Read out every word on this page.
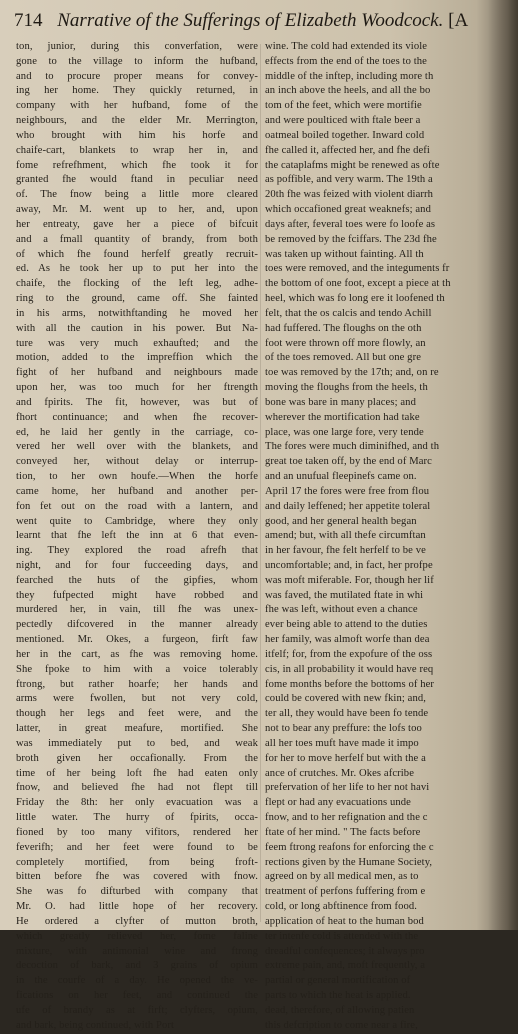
714 Narrative of the Sufferings of Elizabeth Woodcock. [A
ton, junior, during this converfation, were
gone to the village to inform the hufband,
and to procure proper means for convey-
ing her home. They quickly returned, in
company with her hufband, fome of the
neighbours, and the elder Mr. Merrington,
who brought with him his horfe and
chaife-cart, blankets to wrap her in, and
fome refrefhment, which fhe took it for
granted fhe would ftand in peculiar need
of. The fnow being a little more cleared
away, Mr. M. went up to her, and, upon
her entreaty, gave her a piece of bifcuit
and a fmall quantity of brandy, from both
of which fhe found herfelf greatly recruit-
ed. As he took her up to put her into the
chaife, the flocking of the left leg, adhe-
ring to the ground, came off. She fainted
in his arms, notwithftanding he moved her
with all the caution in his power. But Na-
ture was very much exhaufted; and the
motion, added to the impreffion which the
fight of her hufband and neighbours made
upon her, was too much for her ftrength
and fpirits. The fit, however, was but of
fhort continuance; and when fhe recover-
ed, he laid her gently in the carriage, co-
vered her well over with the blankets, and
conveyed her, without delay or interrup-
tion, to her own houfe.—When the horfe
came home, her hufband and another per-
fon fet out on the road with a lantern, and
went quite to Cambridge, where they only
learnt that fhe left the inn at 6 that even-
ing. They explored the road afrefh that
night, and for four fucceeding days, and
fearched the huts of the gipfies, whom
they fufpected might have robbed and
murdered her, in vain, till fhe was unex-
pectedly difcovered in the manner already
mentioned. Mr. Okes, a furgeon, firft faw
her in the cart, as fhe was removing home.
She fpoke to him with a voice tolerably
ftrong, but rather hoarfe; her hands and
arms were fwollen, but not very cold,
though her legs and feet were, and the
latter, in great meafure, mortified. She
was immediately put to bed, and weak
broth given her occafionally. From the
time of her being loft fhe had eaten only
fnow, and believed fhe had not flept till
Friday the 8th: her only evacuation was a
little water. The hurry of fpirits, occa-
fioned by too many vifitors, rendered her
feverifh; and her feet were found to be
completely mortified, from being froft-
bitten before fhe was covered with fnow.
She was fo difturbed with company that
Mr. O. had little hope of her recovery.
He ordered a clyfter of mutton broth,
which greatly relieved her, fome faline
mixture, with antimonial wine and ftrong
decoction of bark, and 3 grains of opium
in the courfe of a day. He opened the ve-
fications on her feet, and continued the
ufe of brandy as at firft; clyfters, opium,
and bark, being continued, with Port
wine. The cold had extended its viole
effects from the end of the toes to the
middle of the inftep, including more th
an inch above the heels, and all the bo
tom of the feet, which were mortifie
and were poulticed with ftale beer a
oatmeal boiled together. Inward cold
fhe called it, affected her, and fhe defi
the cataplafms might be renewed as ofte
as poffible, and very warm. The 19th a
20th fhe was feized with violent diarrh
which occafioned great weaknefs; and
days after, feveral toes were fo loofe as
be removed by the fciffars. The 23d fhe
was taken up without fainting. All th
toes were removed, and the integuments fr
the bottom of one foot, except a piece at th
heel, which was fo long ere it loofened th
felt, that the os calcis and tendo Achill
had fuffered. The floughs on the oth
foot were thrown off more flowly, an
of the toes removed. All but one gre
toe was removed by the 17th; and, on re
moving the floughs from the heels, th
bone was bare in many places; and
wherever the mortification had take
place, was one large fore, very tende
The fores were much diminifhed, and th
great toe taken off, by the end of Marc
and an unufual fleepinefs came on.
April 17 the fores were free from flou
and daily leffened; her appetite toleral
good, and her general health began
amend; but, with all thefe circumftan
in her favour, fhe felt herfelf to be ve
uncomfortable; and, in fact, her profpe
was moft miferable. For, though her lif
was faved, the mutilated ftate in whi
fhe was left, without even a chance
ever being able to attend to the duties
her family, was almoft worfe than dea
itfelf; for, from the expofure of the oss
cis, in all probability it would have req
fome months before the bottoms of her
could be covered with new fkin; and,
ter all, they would have been fo tende
not to bear any preffure: the lofs too
all her toes muft have made it impo
for her to move herfelf but with the a
ance of crutches. Mr. Okes afcribe
prefervation of her life to her not havi
flept or had any evacuations unde
fnow, and to her refignation and the c
ftate of her mind. " The facts before
feem ftrong reafons for enforcing the c
rections given by the Humane Society,
agreed on by all medical men, as to
treatment of perfons fuffering from e
cold, or long abftinence from food.
application of heat to the human bod
ter intenfe cold is attended with the
dreadful confequences; it always pro
extreme pain, and, moft frequently, a
partial or general mortification of
parts to which the heat is applied.
dead, therefore, of allowing patien
this defcription to come near a fire,
